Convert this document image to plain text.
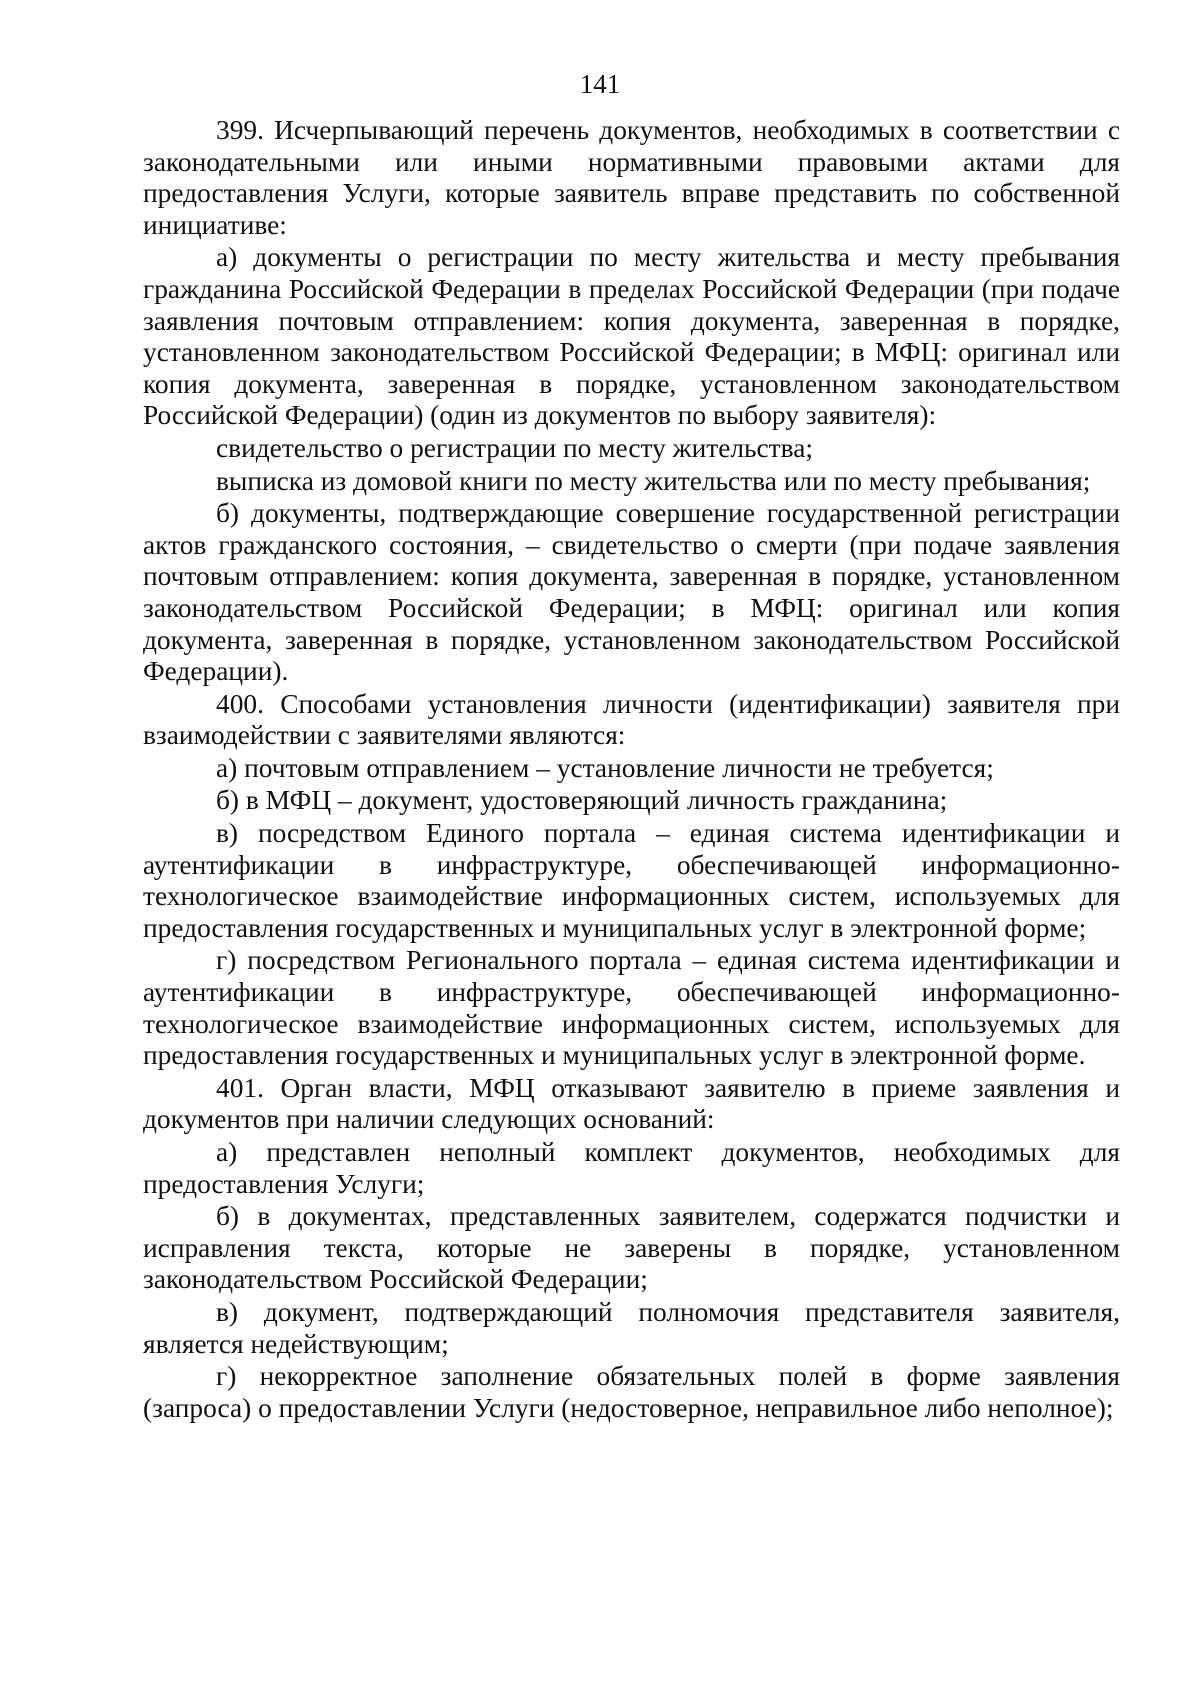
141

399. Исчерпывающий перечень документов, необходимых в соответствии с законодательными или иными нормативными правовыми актами для предоставления Услуги, которые заявитель вправе представить по собственной инициативе:

а) документы о регистрации по месту жительства и месту пребывания гражданина Российской Федерации в пределах Российской Федерации (при подаче заявления почтовым отправлением: копия документа, заверенная в порядке, установленном законодательством Российской Федерации; в МФЦ: оригинал или копия документа, заверенная в порядке, установленном законодательством Российской Федерации) (один из документов по выбору заявителя):

свидетельство о регистрации по месту жительства;

выписка из домовой книги по месту жительства или по месту пребывания;

б) документы, подтверждающие совершение государственной регистрации актов гражданского состояния, – свидетельство о смерти (при подаче заявления почтовым отправлением: копия документа, заверенная в порядке, установленном законодательством Российской Федерации; в МФЦ: оригинал или копия документа, заверенная в порядке, установленном законодательством Российской Федерации).

400. Способами установления личности (идентификации) заявителя при взаимодействии с заявителями являются:

а) почтовым отправлением – установление личности не требуется;

б) в МФЦ – документ, удостоверяющий личность гражданина;

в) посредством Единого портала – единая система идентификации и аутентификации в инфраструктуре, обеспечивающей информационно-технологическое взаимодействие информационных систем, используемых для предоставления государственных и муниципальных услуг в электронной форме;

г) посредством Регионального портала – единая система идентификации и аутентификации в инфраструктуре, обеспечивающей информационно-технологическое взаимодействие информационных систем, используемых для предоставления государственных и муниципальных услуг в электронной форме.

401. Орган власти, МФЦ отказывают заявителю в приеме заявления и документов при наличии следующих оснований:

а) представлен неполный комплект документов, необходимых для предоставления Услуги;

б) в документах, представленных заявителем, содержатся подчистки и исправления текста, которые не заверены в порядке, установленном законодательством Российской Федерации;

в) документ, подтверждающий полномочия представителя заявителя, является недействующим;

г) некорректное заполнение обязательных полей в форме заявления (запроса) о предоставлении Услуги (недостоверное, неправильное либо неполное);
